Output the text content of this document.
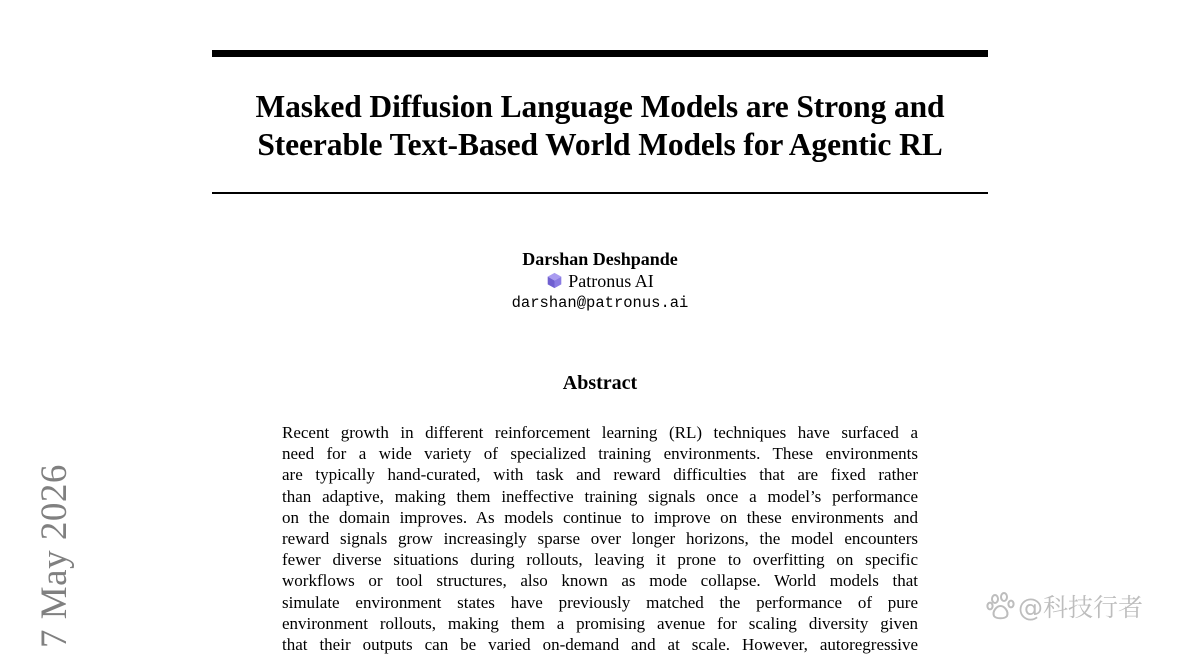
7 May 2026
Masked Diffusion Language Models are Strong and
Steerable Text-Based World Models for Agentic RL
Darshan Deshpande
Patronus AI
darshan@patronus.ai
Abstract
Recent growth in different reinforcement learning (RL) techniques have surfaced a
need for a wide variety of specialized training environments. These environments
are typically hand-curated, with task and reward difficulties that are fixed rather
than adaptive, making them ineffective training signals once a model’s performance
on the domain improves. As models continue to improve on these environments and
reward signals grow increasingly sparse over longer horizons, the model encounters
fewer diverse situations during rollouts, leaving it prone to overfitting on specific
workflows or tool structures, also known as mode collapse. World models that
simulate environment states have previously matched the performance of pure
environment rollouts, making them a promising avenue for scaling diversity given
that their outputs can be varied on-demand and at scale. However, autoregressive
@科技行者
